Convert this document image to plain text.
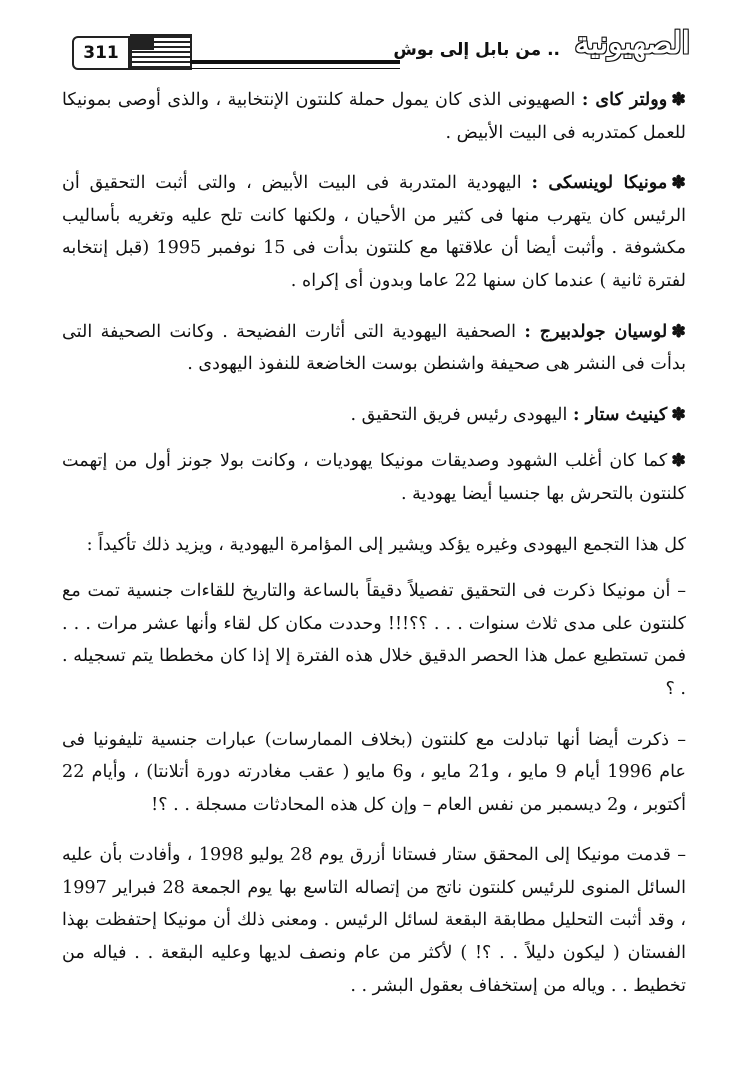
311	.. من بابل إلى بوش الصهيونية

✽وولتر كاى : الصهيونى الذى كان يمول حملة كلنتون الإنتخابية ، والذى أوصى بمونيكا للعمل كمتدربه فى البيت الأبيض .

✽مونيكا لوينسكى : اليهودية المتدربة فى البيت الأبيض ، والتى أثبت التحقيق أن الرئيس كان يتهرب منها فى كثير من الأحيان ، ولكنها كانت تلح عليه وتغريه بأساليب مكشوفة . وأثبت أيضا أن علاقتها مع كلنتون بدأت فى 15 نوفمبر 1995 (قبل إنتخابه لفترة ثانية ) عندما كان سنها 22 عاما وبدون أى إكراه .

✽لوسيان جولدبيرج : الصحفية اليهودية التى أثارت الفضيحة . وكانت الصحيفة التى بدأت فى النشر هى صحيفة واشنطن بوست الخاضعة للنفوذ اليهودى .

✽كينيث ستار : اليهودى رئيس فريق التحقيق .

✽كما كان أغلب الشهود وصديقات مونيكا يهوديات ، وكانت بولا جونز أول من إتهمت كلنتون بالتحرش بها جنسيا أيضا يهودية .

كل هذا التجمع اليهودى وغيره يؤكد ويشير إلى المؤامرة اليهودية ، ويزيد ذلك تأكيداً :

– أن مونيكا ذكرت فى التحقيق تفصيلاً دقيقاً بالساعة والتاريخ للقاءات جنسية تمت مع كلنتون على مدى ثلاث سنوات . . . ؟؟!!! وحددت مكان كل لقاء وأنها عشر مرات . . . فمن تستطيع عمل هذا الحصر الدقيق خلال هذه الفترة إلا إذا كان مخططا يتم تسجيله . . ؟

– ذكرت أيضا أنها تبادلت مع كلنتون (بخلاف الممارسات) عبارات جنسية تليفونيا فى عام 1996 أيام 9 مايو ، و21 مايو ، و6 مايو ( عقب مغادرته دورة أتلانتا) ، وأيام 22 أكتوبر ، و2 ديسمبر من نفس العام – وإن كل هذه المحادثات مسجلة . . ؟!

– قدمت مونيكا إلى المحقق ستار فستانا أزرق يوم 28 يوليو 1998 ، وأفادت بأن عليه السائل المنوى للرئيس كلنتون ناتج من إتصاله التاسع بها يوم الجمعة 28 فبراير 1997 ، وقد أثبت التحليل مطابقة البقعة لسائل الرئيس . ومعنى ذلك أن مونيكا إحتفظت بهذا الفستان ( ليكون دليلاً . . ؟! ) لأكثر من عام ونصف لديها وعليه البقعة . . فياله من تخطيط . . وياله من إستخفاف بعقول البشر . .
